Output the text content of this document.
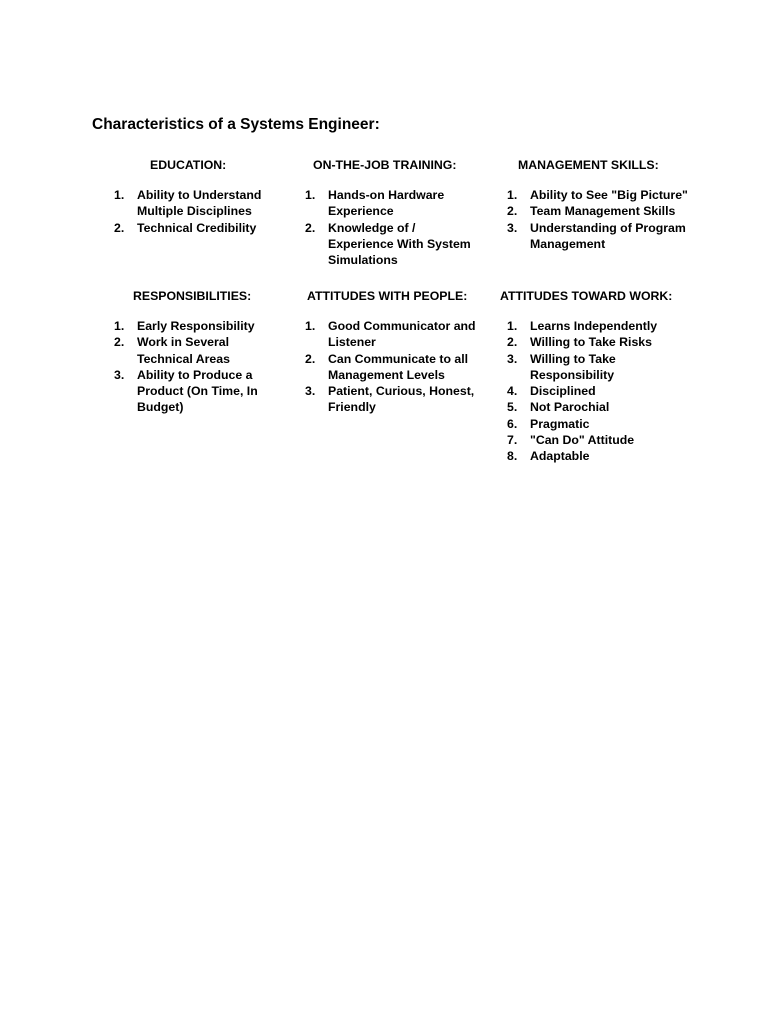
Characteristics of a Systems Engineer:
EDUCATION:
1.	Ability to Understand
Multiple Disciplines
2.	Technical Credibility
ON-THE-JOB TRAINING:
1.	Hands-on Hardware
Experience
2.	Knowledge of /
Experience With System
Simulations
MANAGEMENT SKILLS:
1.	Ability to See "Big Picture"
2.	Team Management Skills
3.	Understanding of Program
Management
RESPONSIBILITIES:
1.	Early Responsibility
2.	Work in Several
Technical Areas
3.	Ability to Produce a
Product (On Time, In
Budget)
ATTITUDES WITH PEOPLE:
1.	Good Communicator and
Listener
2.	Can Communicate to all
Management Levels
3.	Patient, Curious, Honest,
Friendly
ATTITUDES TOWARD WORK:
1.	Learns Independently
2.	Willing to Take Risks
3.	Willing to Take
Responsibility
4.	Disciplined
5.	Not Parochial
6.	Pragmatic
7.	"Can Do" Attitude
8.	Adaptable
